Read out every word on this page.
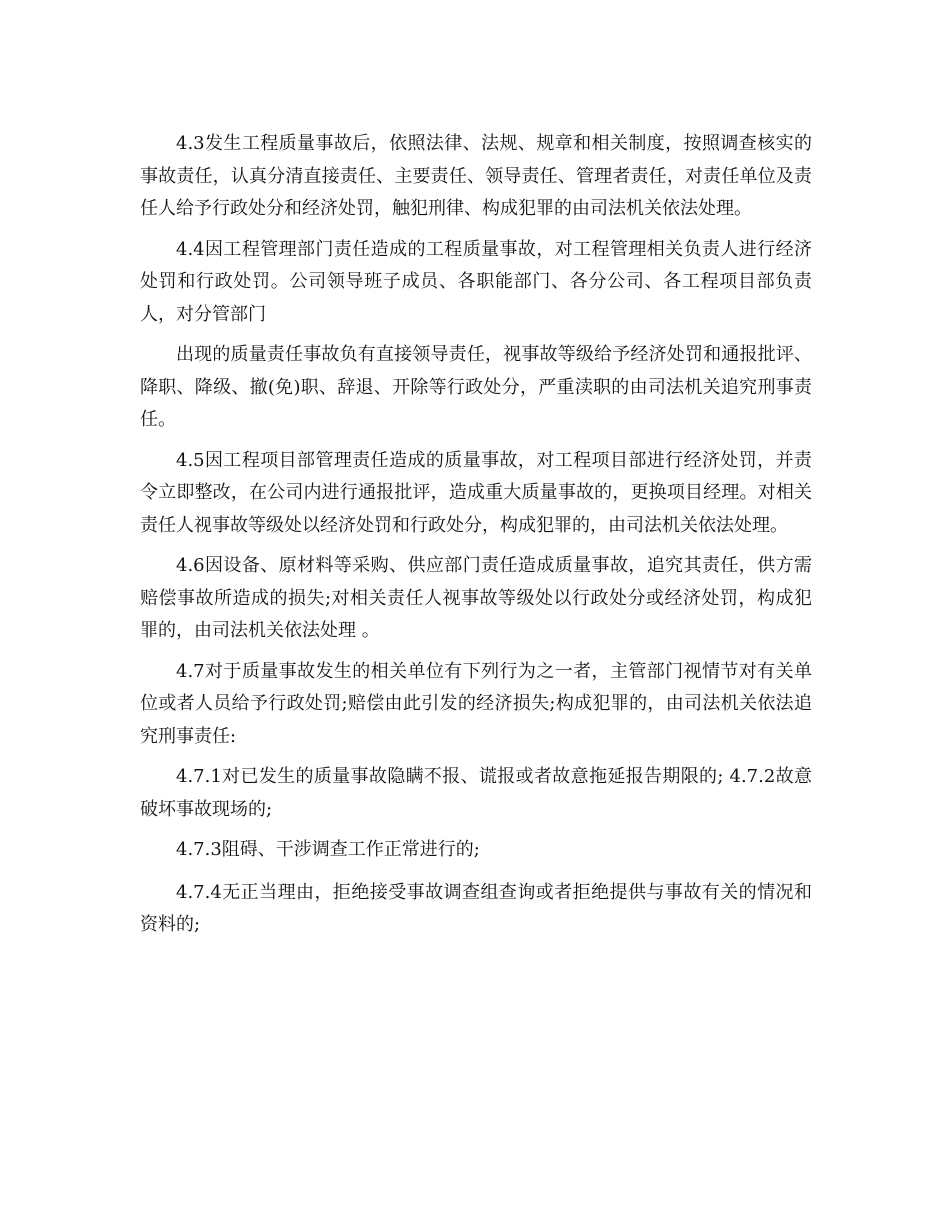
4.3发生工程质量事故后，依照法律、法规、规章和相关制度，按照调查核实的事故责任，认真分清直接责任、主要责任、领导责任、管理者责任，对责任单位及责任人给予行政处分和经济处罚，触犯刑律、构成犯罪的由司法机关依法处理。

4.4因工程管理部门责任造成的工程质量事故，对工程管理相关负责人进行经济处罚和行政处罚。公司领导班子成员、各职能部门、各分公司、各工程项目部负责人，对分管部门

出现的质量责任事故负有直接领导责任，视事故等级给予经济处罚和通报批评、降职、降级、撤(免)职、辞退、开除等行政处分，严重渎职的由司法机关追究刑事责任。

4.5因工程项目部管理责任造成的质量事故，对工程项目部进行经济处罚，并责令立即整改，在公司内进行通报批评，造成重大质量事故的，更换项目经理。对相关责任人视事故等级处以经济处罚和行政处分，构成犯罪的，由司法机关依法处理。

4.6因设备、原材料等采购、供应部门责任造成质量事故，追究其责任，供方需赔偿事故所造成的损失;对相关责任人视事故等级处以行政处分或经济处罚，构成犯罪的，由司法机关依法处理 。

4.7对于质量事故发生的相关单位有下列行为之一者，主管部门视情节对有关单位或者人员给予行政处罚;赔偿由此引发的经济损失;构成犯罪的，由司法机关依法追究刑事责任:

4.7.1对已发生的质量事故隐瞒不报、谎报或者故意拖延报告期限的; 4.7.2故意破坏事故现场的;

4.7.3阻碍、干涉调查工作正常进行的;

4.7.4无正当理由，拒绝接受事故调查组查询或者拒绝提供与事故有关的情况和资料的;
